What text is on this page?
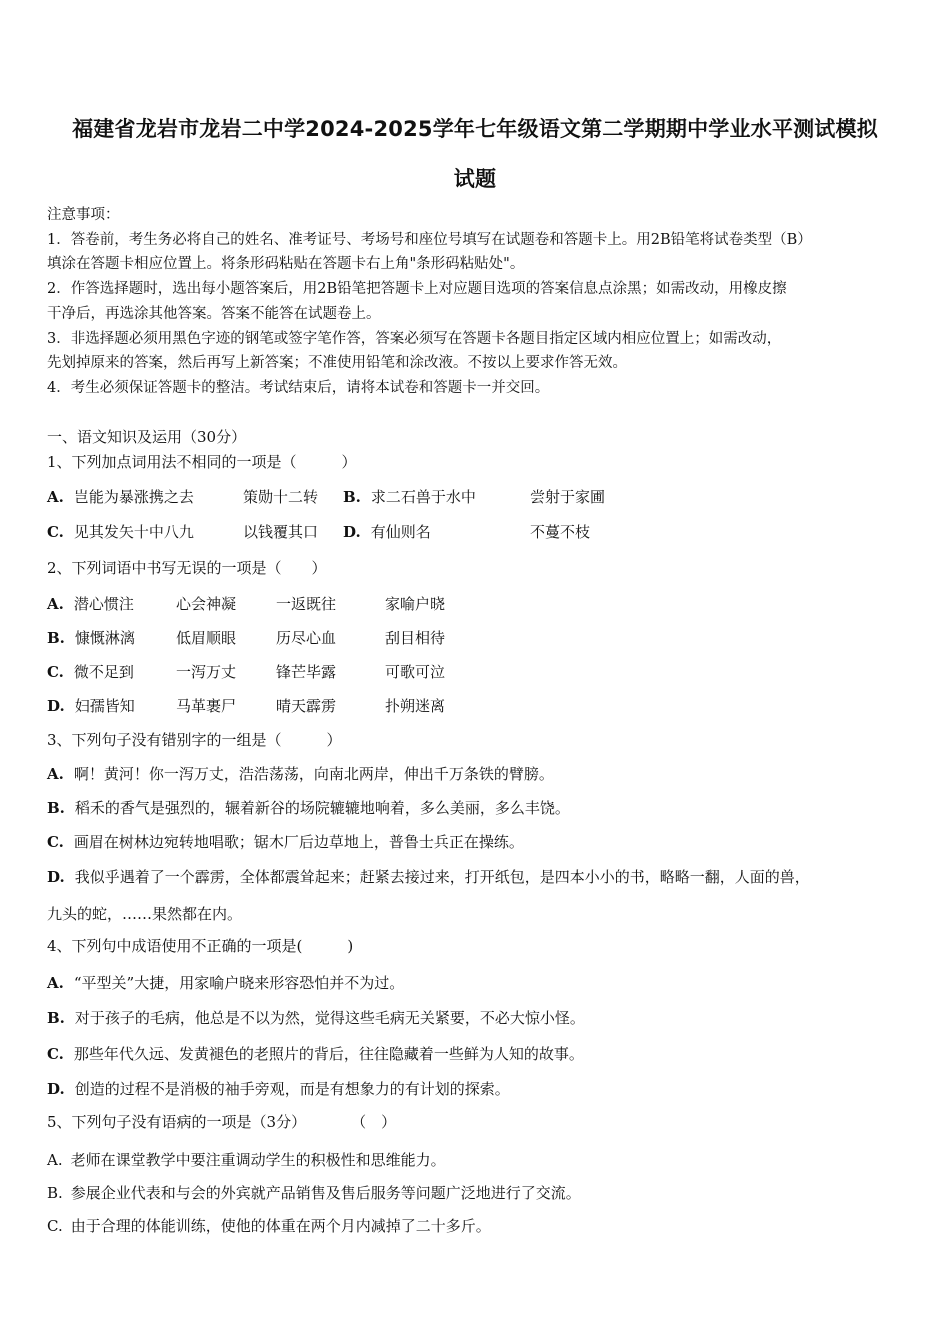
福建省龙岩市龙岩二中学2024-2025学年七年级语文第二学期期中学业水平测试模拟
试题
注意事项：
1．答卷前，考生务必将自己的姓名、准考证号、考场号和座位号填写在试题卷和答题卡上。用2B铅笔将试卷类型（B）
填涂在答题卡相应位置上。将条形码粘贴在答题卡右上角"条形码粘贴处"。
2．作答选择题时，选出每小题答案后，用2B铅笔把答题卡上对应题目选项的答案信息点涂黑；如需改动，用橡皮擦
干净后，再选涂其他答案。答案不能答在试题卷上。
3．非选择题必须用黑色字迹的钢笔或签字笔作答，答案必须写在答题卡各题目指定区域内相应位置上；如需改动，
先划掉原来的答案，然后再写上新答案；不准使用铅笔和涂改液。不按以上要求作答无效。
4．考生必须保证答题卡的整洁。考试结束后，请将本试卷和答题卡一并交回。
一、语文知识及运用（30分）
1、下列加点词用法不相同的一项是（　　　）
A. 岂能为暴涨携之去	策勋十二转 B. 求二石兽于水中	尝射于家圃
C. 见其发矢十中八九	以钱覆其口 D. 有仙则名	不蔓不枝
2、下列词语中书写无误的一项是（　　）
A. 潜心惯注	心会神凝	一返既往	家喻户晓
B. 慷慨淋漓	低眉顺眼	历尽心血	刮目相待
C. 微不足到	一泻万丈	锋芒毕露	可歌可泣
D. 妇孺皆知	马革裹尸	晴天霹雳	扑朔迷离
3、下列句子没有错别字的一组是（　　　）
A. 啊！黄河！你一泻万丈，浩浩荡荡，向南北两岸，伸出千万条铁的臂膀。
B. 稻禾的香气是强烈的，辗着新谷的场院辘辘地响着，多么美丽，多么丰饶。
C. 画眉在树林边宛转地唱歌；锯木厂后边草地上，普鲁士兵正在操练。
D. 我似乎遇着了一个霹雳，全体都震耸起来；赶紧去接过来，打开纸包，是四本小小的书，略略一翻，人面的兽，
九头的蛇，……果然都在内。
4、下列句中成语使用不正确的一项是(　　　)
A. “平型关”大捷，用家喻户晓来形容恐怕并不为过。
B. 对于孩子的毛病，他总是不以为然，觉得这些毛病无关紧要，不必大惊小怪。
C. 那些年代久远、发黄褪色的老照片的背后，往往隐藏着一些鲜为人知的故事。
D. 创造的过程不是消极的袖手旁观，而是有想象力的有计划的探索。
5、下列句子没有语病的一项是（3分）　　　　（　）
A. 老师在课堂教学中要注重调动学生的积极性和思维能力。
B. 参展企业代表和与会的外宾就产品销售及售后服务等问题广泛地进行了交流。
C. 由于合理的体能训练，使他的体重在两个月内减掉了二十多斤。
